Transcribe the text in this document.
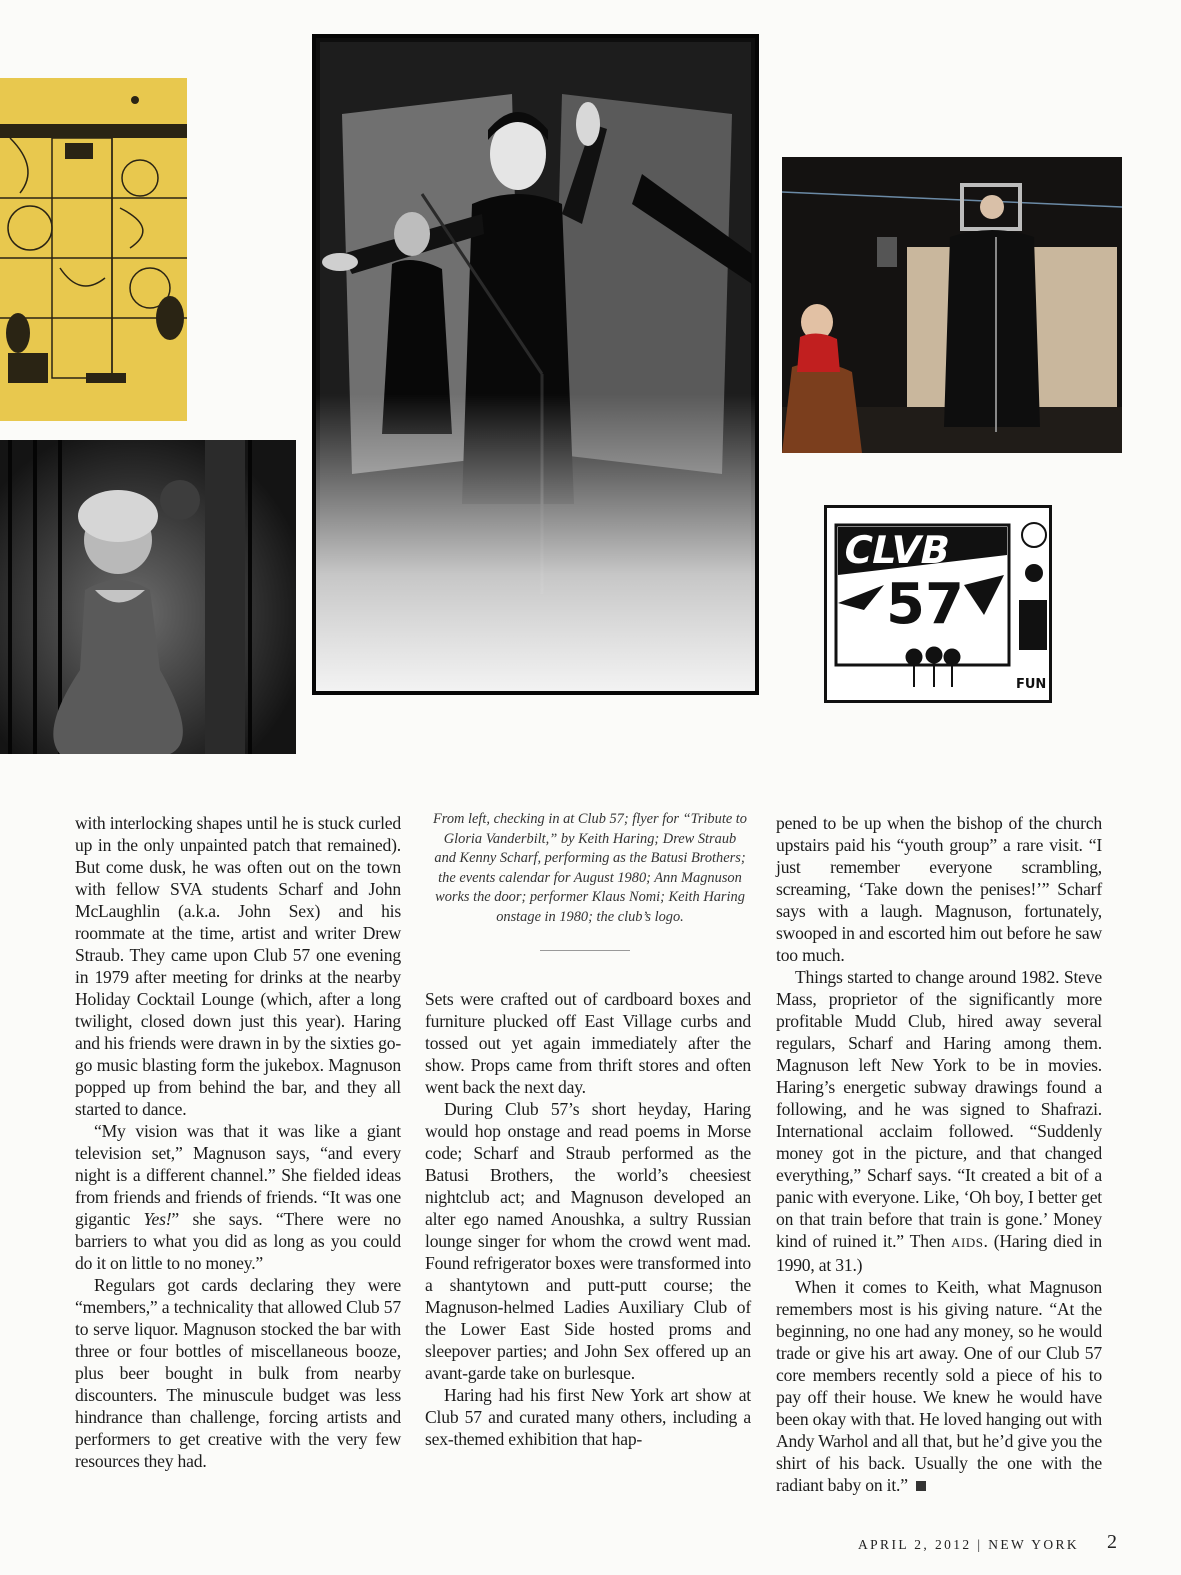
CLVB
57
FUN

with interlocking shapes until he is stuck curled up in the only unpainted patch that remained). But come dusk, he was often out on the town with fellow SVA students Scharf and John McLaughlin (a.k.a. John Sex) and his roommate at the time, artist and writer Drew Straub. They came upon Club 57 one evening in 1979 after meeting for drinks at the nearby Holiday Cocktail Lounge (which, after a long twilight, closed down just this year). Haring and his friends were drawn in by the sixties go-go music blasting form the jukebox. Magnuson popped up from behind the bar, and they all started to dance.

“My vision was that it was like a giant television set,” Magnuson says, “and every night is a different channel.” She fielded ideas from friends and friends of friends. “It was one gigantic Yes!” she says. “There were no barriers to what you did as long as you could do it on little to no money.”

Regulars got cards declaring they were “members,” a technicality that allowed Club 57 to serve liquor. Magnuson stocked the bar with three or four bottles of miscellaneous booze, plus beer bought in bulk from nearby discounters. The minuscule budget was less hindrance than challenge, forcing artists and performers to get creative with the very few resources they had.

From left, checking in at Club 57; flyer for “Tribute to Gloria Vanderbilt,” by Keith Haring; Drew Straub and Kenny Scharf, performing as the Batusi Brothers; the events calendar for August 1980; Ann Magnuson works the door; performer Klaus Nomi; Keith Haring onstage in 1980; the club’s logo.

Sets were crafted out of cardboard boxes and furniture plucked off East Village curbs and tossed out yet again immediately after the show. Props came from thrift stores and often went back the next day.

During Club 57’s short heyday, Haring would hop onstage and read poems in Morse code; Scharf and Straub performed as the Batusi Brothers, the world’s cheesiest nightclub act; and Magnuson developed an alter ego named Anoushka, a sultry Russian lounge singer for whom the crowd went mad. Found refrigerator boxes were transformed into a shantytown and putt-putt course; the Magnuson-helmed Ladies Auxiliary Club of the Lower East Side hosted proms and sleepover parties; and John Sex offered up an avant-garde take on burlesque.

Haring had his first New York art show at Club 57 and curated many others, including a sex-themed exhibition that hap-

pened to be up when the bishop of the church upstairs paid his “youth group” a rare visit. “I just remember everyone scrambling, screaming, ‘Take down the penises!’” Scharf says with a laugh. Magnuson, fortunately, swooped in and escorted him out before he saw too much.

Things started to change around 1982. Steve Mass, proprietor of the significantly more profitable Mudd Club, hired away several regulars, Scharf and Haring among them. Magnuson left New York to be in movies. Haring’s energetic subway drawings found a following, and he was signed to Shafrazi. International acclaim followed. “Suddenly money got in the picture, and that changed everything,” Scharf says. “It created a bit of a panic with everyone. Like, ‘Oh boy, I better get on that train before that train is gone.’ Money kind of ruined it.” Then AIDS. (Haring died in 1990, at 31.)

When it comes to Keith, what Magnuson remembers most is his giving nature. “At the beginning, no one had any money, so he would trade or give his art away. One of our Club 57 core members recently sold a piece of his to pay off their house. We knew he would have been okay with that. He loved hanging out with Andy Warhol and all that, but he’d give you the shirt of his back. Usually the one with the radiant baby on it.”

APRIL 2, 2012 | NEW YORK 2
